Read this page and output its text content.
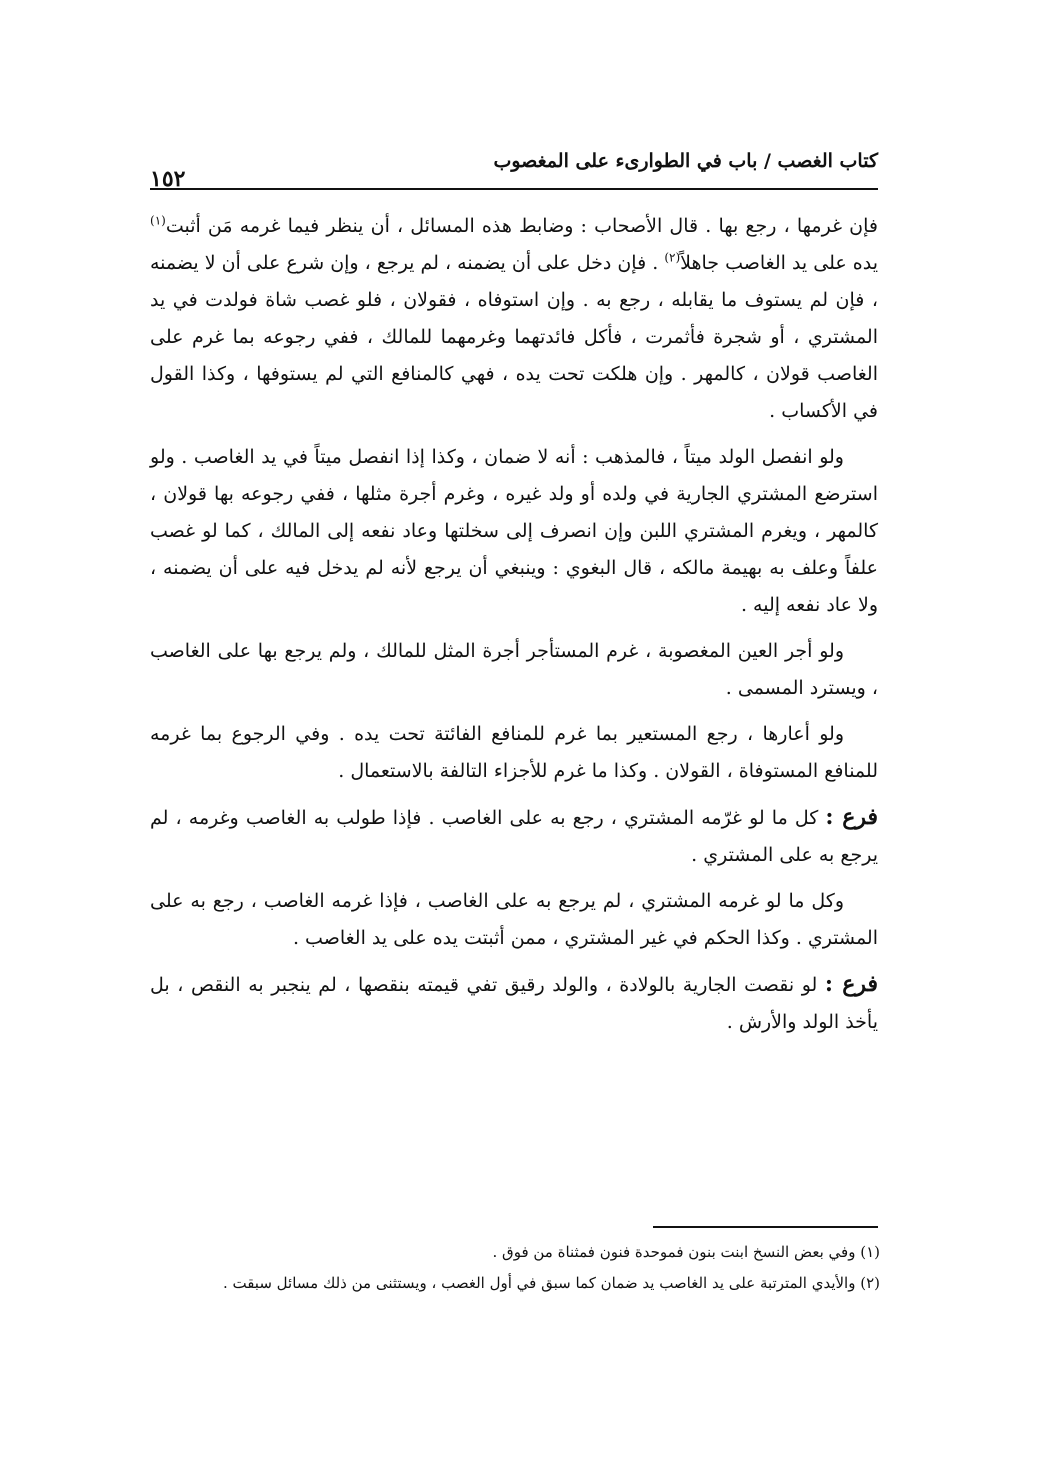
كتاب الغصب / باب في الطوارىء على المغصوب
١٥٢

فإن غرمها ، رجع بها . قال الأصحاب : وضابط هذه المسائل ، أن ينظر فيما غرمه مَن أثبت$^{(١)}$ يده على يد الغاصب جاهلاً$^{(٢)}$ . فإن دخل على أن يضمنه ، لم يرجع ، وإن شرع على أن لا يضمنه ، فإن لم يستوف ما يقابله ، رجع به . وإن استوفاه ، فقولان ، فلو غصب شاة فولدت في يد المشتري ، أو شجرة فأثمرت ، فأكل فائدتهما وغرمهما للمالك ، ففي رجوعه بما غرم على الغاصب قولان ، كالمهر . وإن هلكت تحت يده ، فهي كالمنافع التي لم يستوفها ، وكذا القول في الأكساب .

ولو انفصل الولد ميتاً ، فالمذهب : أنه لا ضمان ، وكذا إذا انفصل ميتاً في يد الغاصب . ولو استرضع المشتري الجارية في ولده أو ولد غيره ، وغرم أجرة مثلها ، ففي رجوعه بها قولان ، كالمهر ، ويغرم المشتري اللبن وإن انصرف إلى سخلتها وعاد نفعه إلى المالك ، كما لو غصب علفاً وعلف به بهيمة مالكه ، قال البغوي : وينبغي أن يرجع لأنه لم يدخل فيه على أن يضمنه ، ولا عاد نفعه إليه .

ولو أجر العين المغصوبة ، غرم المستأجر أجرة المثل للمالك ، ولم يرجع بها على الغاصب ، ويسترد المسمى .

ولو أعارها ، رجع المستعير بما غرم للمنافع الفائتة تحت يده . وفي الرجوع بما غرمه للمنافع المستوفاة ، القولان . وكذا ما غرم للأجزاء التالفة بالاستعمال .

فرع : كل ما لو غرّمه المشتري ، رجع به على الغاصب . فإذا طولب به الغاصب وغرمه ، لم يرجع به على المشتري .

وكل ما لو غرمه المشتري ، لم يرجع به على الغاصب ، فإذا غرمه الغاصب ، رجع به على المشتري . وكذا الحكم في غير المشتري ، ممن أثبتت يده على يد الغاصب .

فرع : لو نقصت الجارية بالولادة ، والولد رقيق تفي قيمته بنقصها ، لم ينجبر به النقص ، بل يأخذ الولد والأرش .

(١) وفي بعض النسخ ابنت بنون فموحدة فنون فمثناة من فوق .

(٢) والأيدي المترتبة على يد الغاصب يد ضمان كما سبق في أول الغصب ، ويستثنى من ذلك مسائل سبقت .
